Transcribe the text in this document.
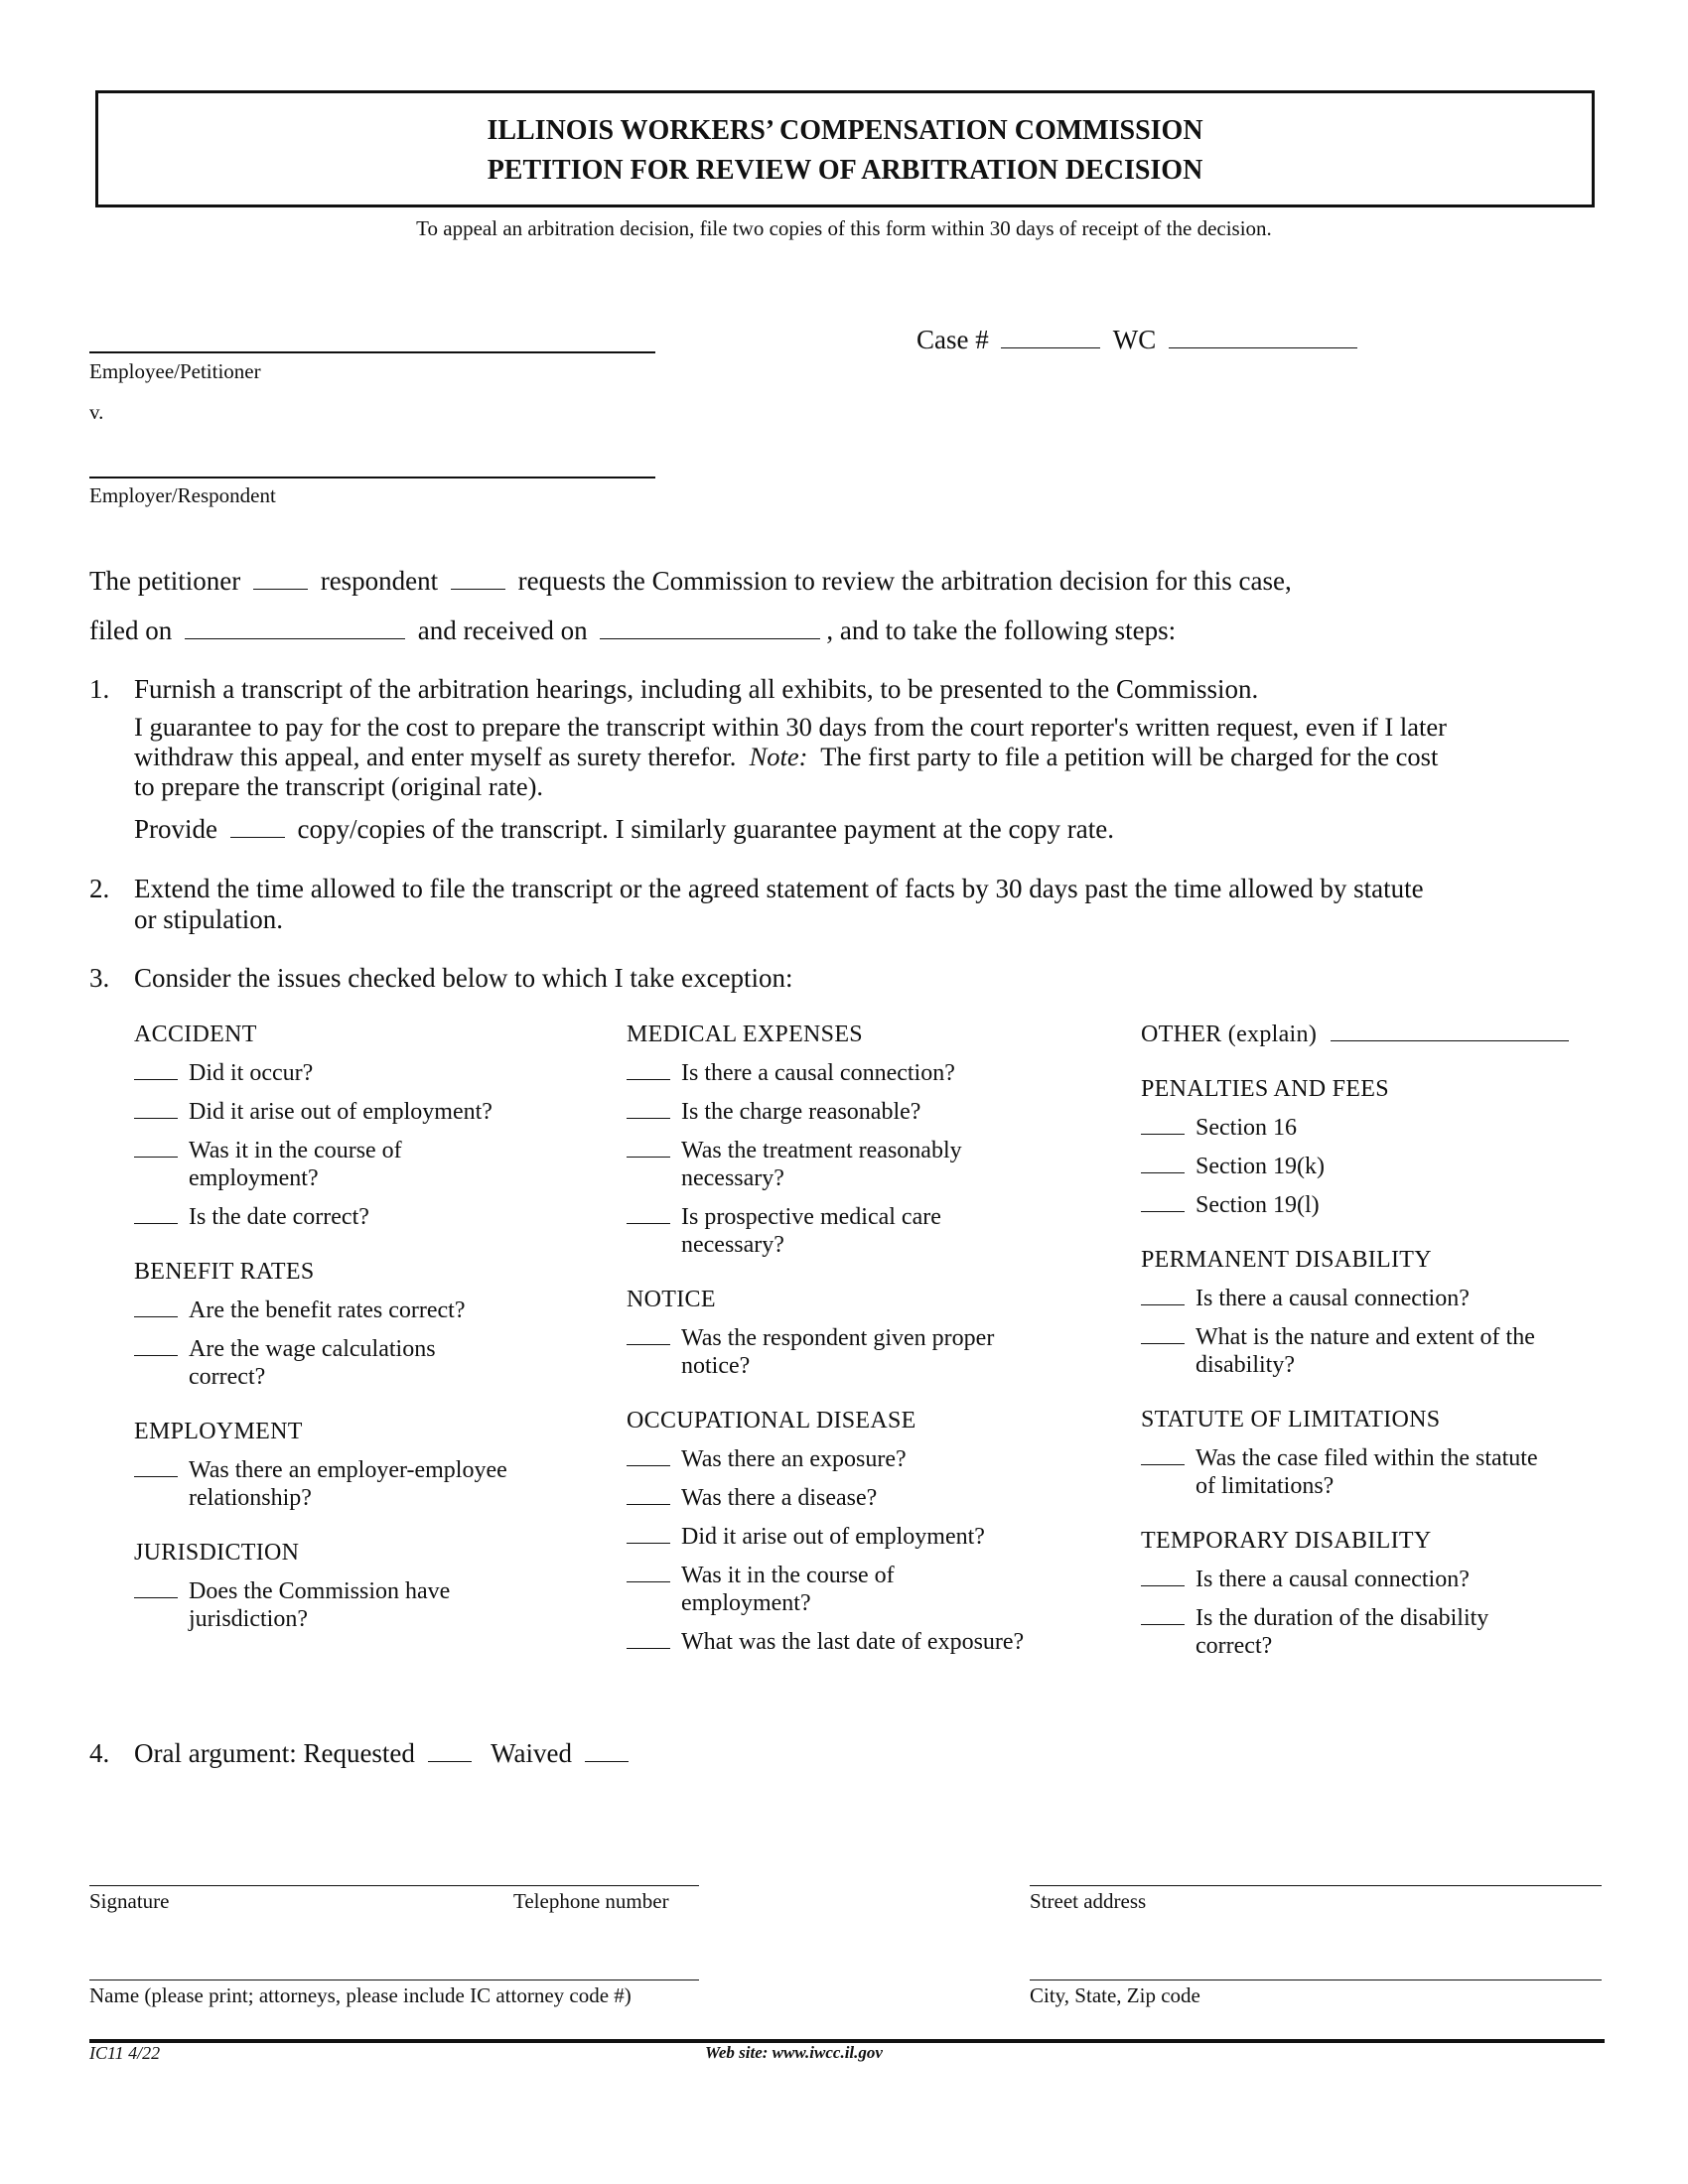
ILLINOIS WORKERS’ COMPENSATION COMMISSION
PETITION FOR REVIEW OF ARBITRATION DECISION
To appeal an arbitration decision, file two copies of this form within 30 days of receipt of the decision.
Case #	WC
Employee/Petitioner
v.
Employer/Respondent
The petitioner	respondent	requests the Commission to review the arbitration decision for this case,
filed on	and received on	, and to take the following steps:
1. Furnish a transcript of the arbitration hearings, including all exhibits, to be presented to the Commission.
I guarantee to pay for the cost to prepare the transcript within 30 days from the court reporter's written request, even if I later
withdraw this appeal, and enter myself as surety therefor. Note: The first party to file a petition will be charged for the cost
to prepare the transcript (original rate).
Provide	copy/copies of the transcript. I similarly guarantee payment at the copy rate.
2. Extend the time allowed to file the transcript or the agreed statement of facts by 30 days past the time allowed by statute
or stipulation.
3. Consider the issues checked below to which I take exception:
ACCIDENT
Did it occur?
Did it arise out of employment?
Was it in the course of
employment?
Is the date correct?
BENEFIT RATES
Are the benefit rates correct?
Are the wage calculations
correct?
EMPLOYMENT
Was there an employer-employee
relationship?
JURISDICTION
Does the Commission have
jurisdiction?
MEDICAL EXPENSES
Is there a causal connection?
Is the charge reasonable?
Was the treatment reasonably
necessary?
Is prospective medical care
necessary?
NOTICE
Was the respondent given proper
notice?
OCCUPATIONAL DISEASE
Was there an exposure?
Was there a disease?
Did it arise out of employment?
Was it in the course of
employment?
What was the last date of exposure?
OTHER (explain)
PENALTIES AND FEES
Section 16
Section 19(k)
Section 19(l)
PERMANENT DISABILITY
Is there a causal connection?
What is the nature and extent of the
disability?
STATUTE OF LIMITATIONS
Was the case filed within the statute
of limitations?
TEMPORARY DISABILITY
Is there a causal connection?
Is the duration of the disability
correct?
4. Oral argument: Requested	Waived
Signature	Telephone number	Street address
Name (please print; attorneys, please include IC attorney code #)	City, State, Zip code
IC11 4/22	Web site: www.iwcc.il.gov
